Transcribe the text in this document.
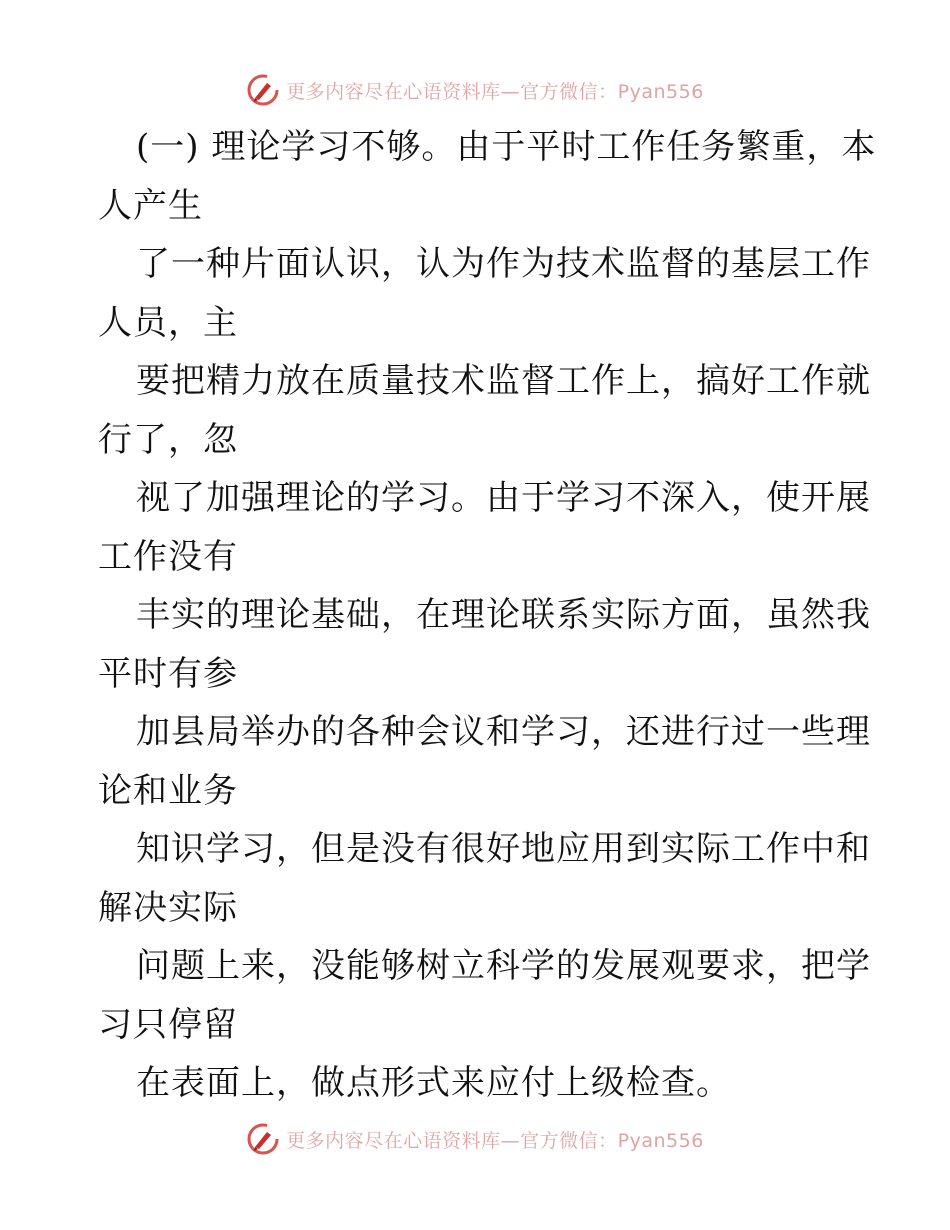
更多内容尽在心语资料库—官方微信：Pyan556
(一) 理论学习不够。由于平时工作任务繁重，本
人产生
了一种片面认识，认为作为技术监督的基层工作
人员，主
要把精力放在质量技术监督工作上，搞好工作就
行了，忽
视了加强理论的学习。由于学习不深入，使开展
工作没有
丰实的理论基础，在理论联系实际方面，虽然我
平时有参
加县局举办的各种会议和学习，还进行过一些理
论和业务
知识学习，但是没有很好地应用到实际工作中和
解决实际
问题上来，没能够树立科学的发展观要求，把学
习只停留
在表面上，做点形式来应付上级检查。
更多内容尽在心语资料库—官方微信：Pyan556
